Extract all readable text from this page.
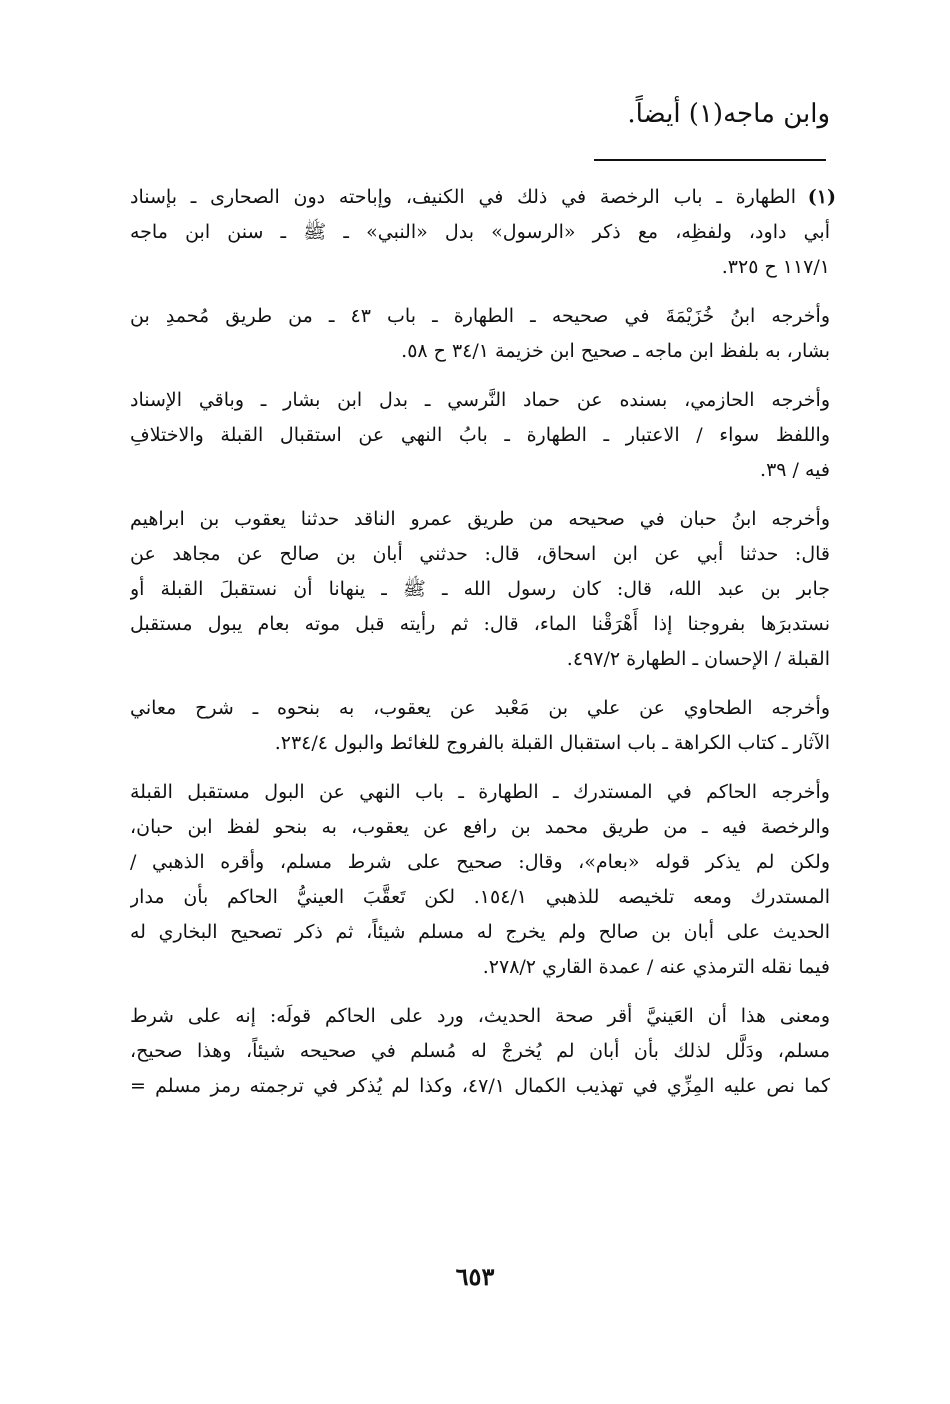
وابن ماجه(١) أيضاً.
(١)
الطهارة ـ باب الرخصة في ذلك في الكنيف، وإباحته دون الصحارى ـ بإسناد
أبي داود، ولفظِه، مع ذكر «الرسول» بدل «النبي» ـ ﷺ ـ سنن ابن ماجه
١١٧/١ ح ٣٢٥.
وأخرجه ابنُ خُزَيْمَةَ في صحيحه ـ الطهارة ـ باب ٤٣ ـ من طريق مُحمدِ بن
بشار، به بلفظ ابن ماجه ـ صحيح ابن خزيمة ٣٤/١ ح ٥٨.
وأخرجه الحازمي، بسنده عن حماد النَّرسي ـ بدل ابن بشار ـ وباقي الإسناد
واللفظ سواء / الاعتبار ـ الطهارة ـ بابُ النهي عن استقبال القبلة والاختلافِ
فيه / ٣٩.
وأخرجه ابنُ حبان في صحيحه من طريق عمرو الناقد حدثنا يعقوب بن ابراهيم
قال: حدثنا أبي عن ابن اسحاق، قال: حدثني أبان بن صالح عن مجاهد عن
جابر بن عبد الله، قال: كان رسول الله ـ ﷺ ـ ينهانا أن نستقبلَ القبلة أو
نستدبرَها بفروجنا إذا أَهْرَقْنا الماء، قال: ثم رأيته قبل موته بعام يبول مستقبل
القبلة / الإحسان ـ الطهارة ٤٩٧/٢.
وأخرجه الطحاوي عن علي بن مَعْبد عن يعقوب، به بنحوه ـ شرح معاني
الآثار ـ كتاب الكراهة ـ باب استقبال القبلة بالفروج للغائط والبول ٢٣٤/٤.
وأخرجه الحاكم في المستدرك ـ الطهارة ـ باب النهي عن البول مستقبل القبلة
والرخصة فيه ـ من طريق محمد بن رافع عن يعقوب، به بنحو لفظ ابن حبان،
ولكن لم يذكر قوله «بعام»، وقال: صحيح على شرط مسلم، وأقره الذهبي /
المستدرك ومعه تلخيصه للذهبي ١٥٤/١. لكن تَعقَّبَ العينيُّ الحاكم بأن مدار
الحديث على أبان بن صالح ولم يخرج له مسلم شيئاً، ثم ذكر تصحيح البخاري له
فيما نقله الترمذي عنه / عمدة القاري ٢٧٨/٢.
ومعنى هذا أن العَينيَّ أقر صحة الحديث، ورد على الحاكم قولَه: إنه على شرط
مسلم، ودَلَّل لذلك بأن أبان لم يُخرجْ له مُسلم في صحيحه شيئاً، وهذا صحيح،
كما نص عليه المِزِّي في تهذيب الكمال ٤٧/١، وكذا لم يُذكر في ترجمته رمز مسلم =
٦٥٣
